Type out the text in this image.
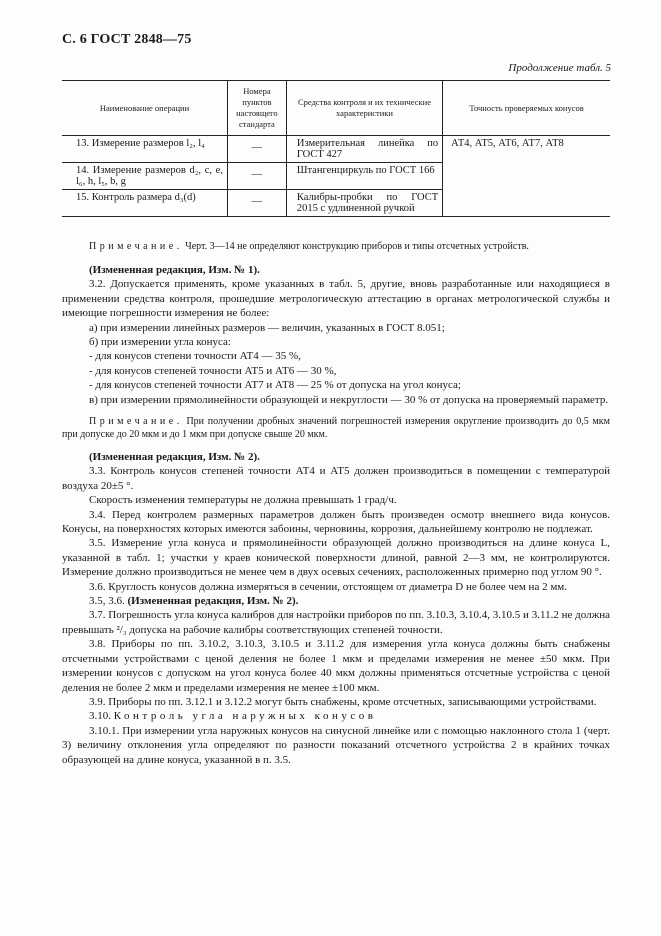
С. 6 ГОСТ 2848—75
Продолжение табл. 5
Наименование операции	Номера пунктов настоящего стандарта	Средства контроля и их технические характеристики	Точность проверяемых конусов
13. Измерение размеров l₂, l₄	—	Измерительная линейка по ГОСТ 427	АТ4, АТ5, АТ6, АТ7, АТ8
14. Измерение размеров d₂, c, e, l₆, h, l₅, b, g	—	Штангенциркуль по ГОСТ 166	
15. Контроль размера d₃(d)	—	Калибры-пробки по ГОСТ 2015 с удлиненной ручкой	

Примечание. Черт. 3—14 не определяют конструкцию приборов и типы отсчетных устройств.

(Измененная редакция, Изм. № 1).

3.2. Допускается применять, кроме указанных в табл. 5, другие, вновь разработанные или находящиеся в применении средства контроля, прошедшие метрологическую аттестацию в органах метрологической службы и имеющие погрешности измерения не более:

а) при измерении линейных размеров — величин, указанных в ГОСТ 8.051;

б) при измерении угла конуса:

- для конусов степени точности АТ4 — 35 %,

- для конусов степеней точности АТ5 и АТ6 — 30 %,

- для конусов степеней точности АТ7 и АТ8 — 25 % от допуска на угол конуса;

в) при измерении прямолинейности образующей и некруглости — 30 % от допуска на проверяемый параметр.

Примечание. При получении дробных значений погрешностей измерения округление производить до 0,5 мкм при допуске до 20 мкм и до 1 мкм при допуске свыше 20 мкм.

(Измененная редакция, Изм. № 2).

3.3. Контроль конусов степеней точности АТ4 и АТ5 должен производиться в помещении с температурой воздуха 20±5 °.

Скорость изменения температуры не должна превышать 1 град/ч.

3.4. Перед контролем размерных параметров должен быть произведен осмотр внешнего вида конусов. Конусы, на поверхностях которых имеются забоины, черновины, коррозия, дальнейшему контролю не подлежат.

3.5. Измерение угла конуса и прямолинейности образующей должно производиться на длине конуса L, указанной в табл. 1; участки у краев конической поверхности длиной, равной 2—3 мм, не контролируются. Измерение должно производиться не менее чем в двух осевых сечениях, расположенных примерно под углом 90 °.

3.6. Круглость конусов должна измеряться в сечении, отстоящем от диаметра D не более чем на 2 мм.

3.5, 3.6. (Измененная редакция, Изм. № 2).

3.7. Погрешность угла конуса калибров для настройки приборов по пп. 3.10.3, 3.10.4, 3.10.5 и 3.11.2 не должна превышать ²/₃ допуска на рабочие калибры соответствующих степеней точности.

3.8. Приборы по пп. 3.10.2, 3.10.3, 3.10.5 и 3.11.2 для измерения угла конуса должны быть снабжены отсчетными устройствами с ценой деления не более 1 мкм и пределами измерения не менее ±50 мкм. При измерении конусов с допуском на угол конуса более 40 мкм должны применяться отсчетные устройства с ценой деления не более 2 мкм и пределами измерения не менее ±100 мкм.

3.9. Приборы по пп. 3.12.1 и 3.12.2 могут быть снабжены, кроме отсчетных, записывающими устройствами.

3.10. Контроль угла наружных конусов

3.10.1. При измерении угла наружных конусов на синусной линейке или с помощью наклонного стола 1 (черт. 3) величину отклонения угла определяют по разности показаний отсчетного устройства 2 в крайних точках образующей на длине конуса, указанной в п. 3.5.
